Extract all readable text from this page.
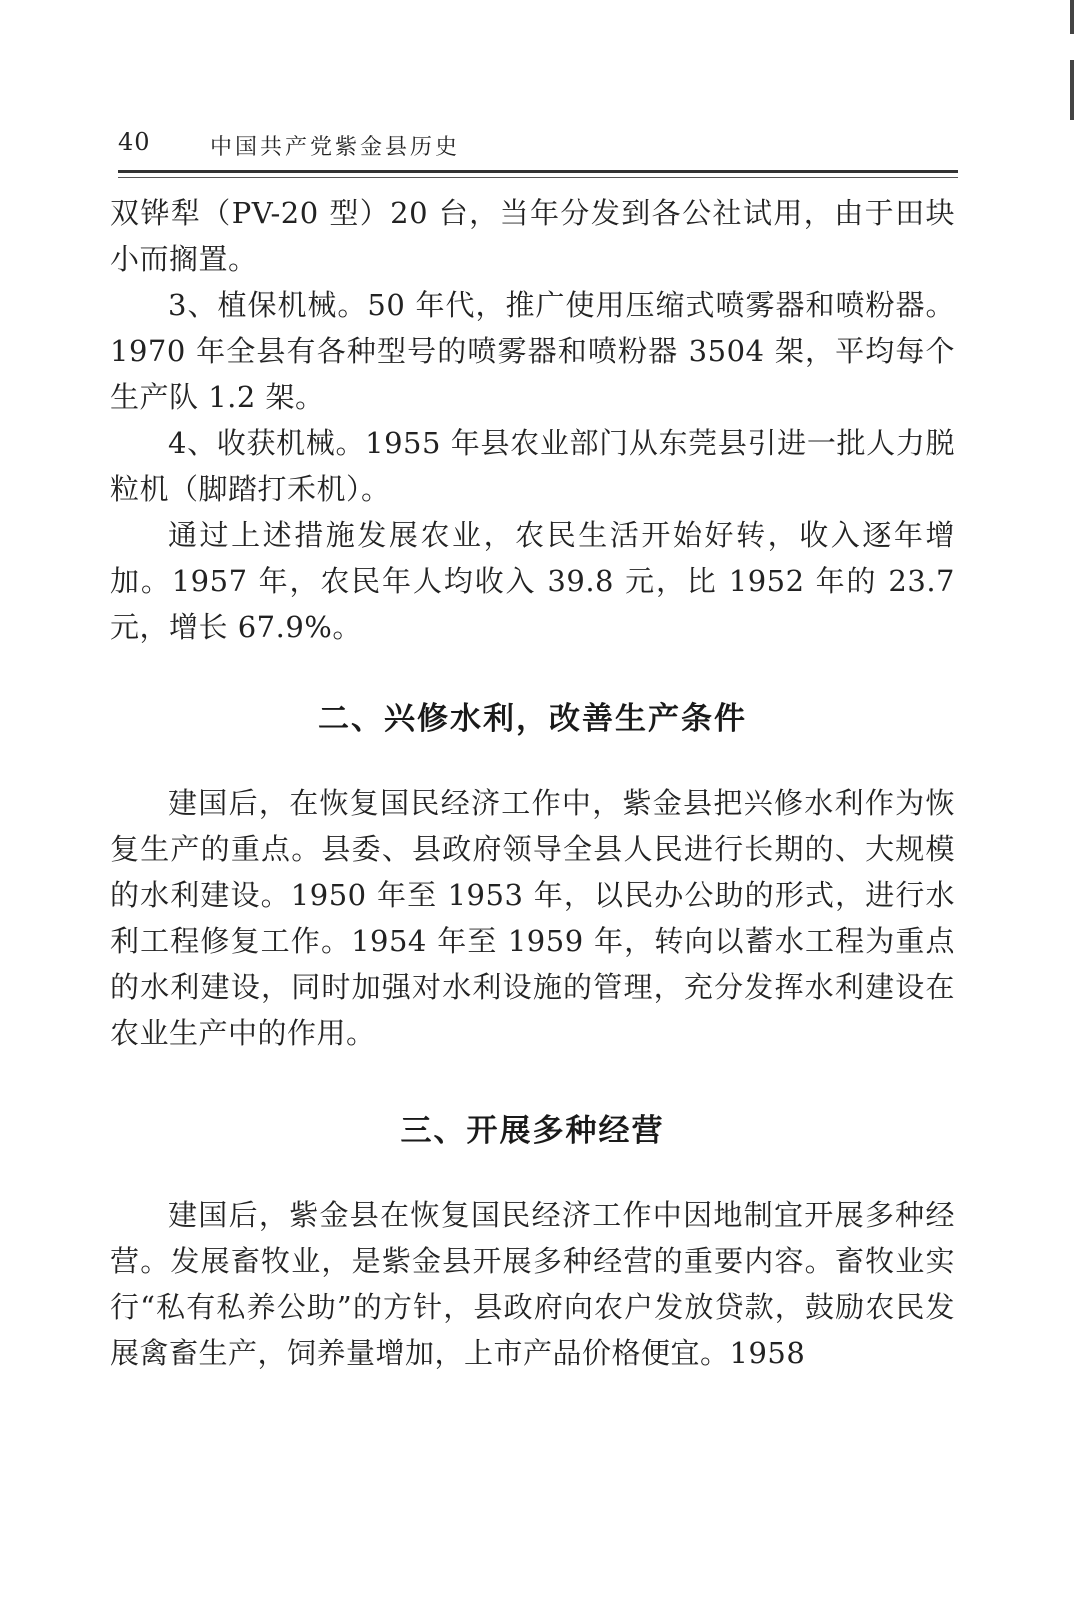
40	中国共产党紫金县历史

双铧犁（PV-20 型）20 台，当年分发到各公社试用，由于田块小而搁置。

3、植保机械。50 年代，推广使用压缩式喷雾器和喷粉器。1970 年全县有各种型号的喷雾器和喷粉器 3504 架，平均每个生产队 1.2 架。

4、收获机械。1955 年县农业部门从东莞县引进一批人力脱粒机（脚踏打禾机）。

通过上述措施发展农业，农民生活开始好转，收入逐年增加。1957 年，农民年人均收入 39.8 元，比 1952 年的 23.7 元，增长 67.9%。

二、兴修水利，改善生产条件

建国后，在恢复国民经济工作中，紫金县把兴修水利作为恢复生产的重点。县委、县政府领导全县人民进行长期的、大规模的水利建设。1950 年至 1953 年，以民办公助的形式，进行水利工程修复工作。1954 年至 1959 年，转向以蓄水工程为重点的水利建设，同时加强对水利设施的管理，充分发挥水利建设在农业生产中的作用。

三、开展多种经营

建国后，紫金县在恢复国民经济工作中因地制宜开展多种经营。发展畜牧业，是紫金县开展多种经营的重要内容。畜牧业实行“私有私养公助”的方针，县政府向农户发放贷款，鼓励农民发展禽畜生产，饲养量增加，上市产品价格便宜。1958
